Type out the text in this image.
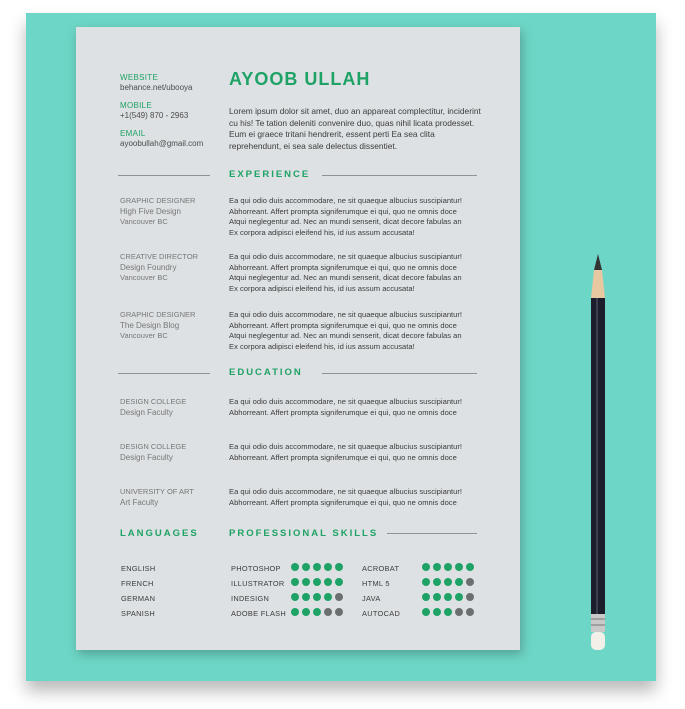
WEBSITE
behance.net/ubooya
MOBILE
+1(549) 870 - 2963
EMAIL
ayoobullah@gmail.com
AYOOB ULLAH
Lorem ipsum dolor sit amet, duo an appareat complectitur, inciderint cu his! Te tation deleniti convenire duo, quas nihil licata prodesset. Eum ei graece tritani hendrerit, essent perti Ea sea clita reprehendunt, ei sea sale delectus dissentiet.
EXPERIENCE
GRAPHIC DESIGNER
High Five Design
Vancouver BC
Ea qui odio duis accommodare, ne sit quaeque albucius suscipiantur!
Abhorreant. Affert prompta signiferumque ei qui, quo ne omnis doce
Atqui neglegentur ad. Nec an mundi senserit, dicat decore fabulas an
Ex corpora adipisci eleifend his, id ius assum accusata!
CREATIVE DIRECTOR
Design Foundry
Vancouver BC
Ea qui odio duis accommodare, ne sit quaeque albucius suscipiantur!
Abhorreant. Affert prompta signiferumque ei qui, quo ne omnis doce
Atqui neglegentur ad. Nec an mundi senserit, dicat decore fabulas an
Ex corpora adipisci eleifend his, id ius assum accusata!
GRAPHIC DESIGNER
The Design Blog
Vancouver BC
Ea qui odio duis accommodare, ne sit quaeque albucius suscipiantur!
Abhorreant. Affert prompta signiferumque ei qui, quo ne omnis doce
Atqui neglegentur ad. Nec an mundi senserit, dicat decore fabulas an
Ex corpora adipisci eleifend his, id ius assum accusata!
EDUCATION
DESIGN COLLEGE
Design Faculty
Ea qui odio duis accommodare, ne sit quaeque albucius suscipiantur!
Abhorreant. Affert prompta signiferumque ei qui, quo ne omnis doce
DESIGN COLLEGE
Design Faculty
Ea qui odio duis accommodare, ne sit quaeque albucius suscipiantur!
Abhorreant. Affert prompta signiferumque ei qui, quo ne omnis doce
UNIVERSITY OF ART
Art Faculty
Ea qui odio duis accommodare, ne sit quaeque albucius suscipiantur!
Abhorreant. Affert prompta signiferumque ei qui, quo ne omnis doce
LANGUAGES
ENGLISH
FRENCH
GERMAN
SPANISH
PROFESSIONAL SKILLS
PHOTOSHOP
ILLUSTRATOR
INDESIGN
ADOBE FLASH
ACROBAT
HTML 5
JAVA
AUTOCAD
